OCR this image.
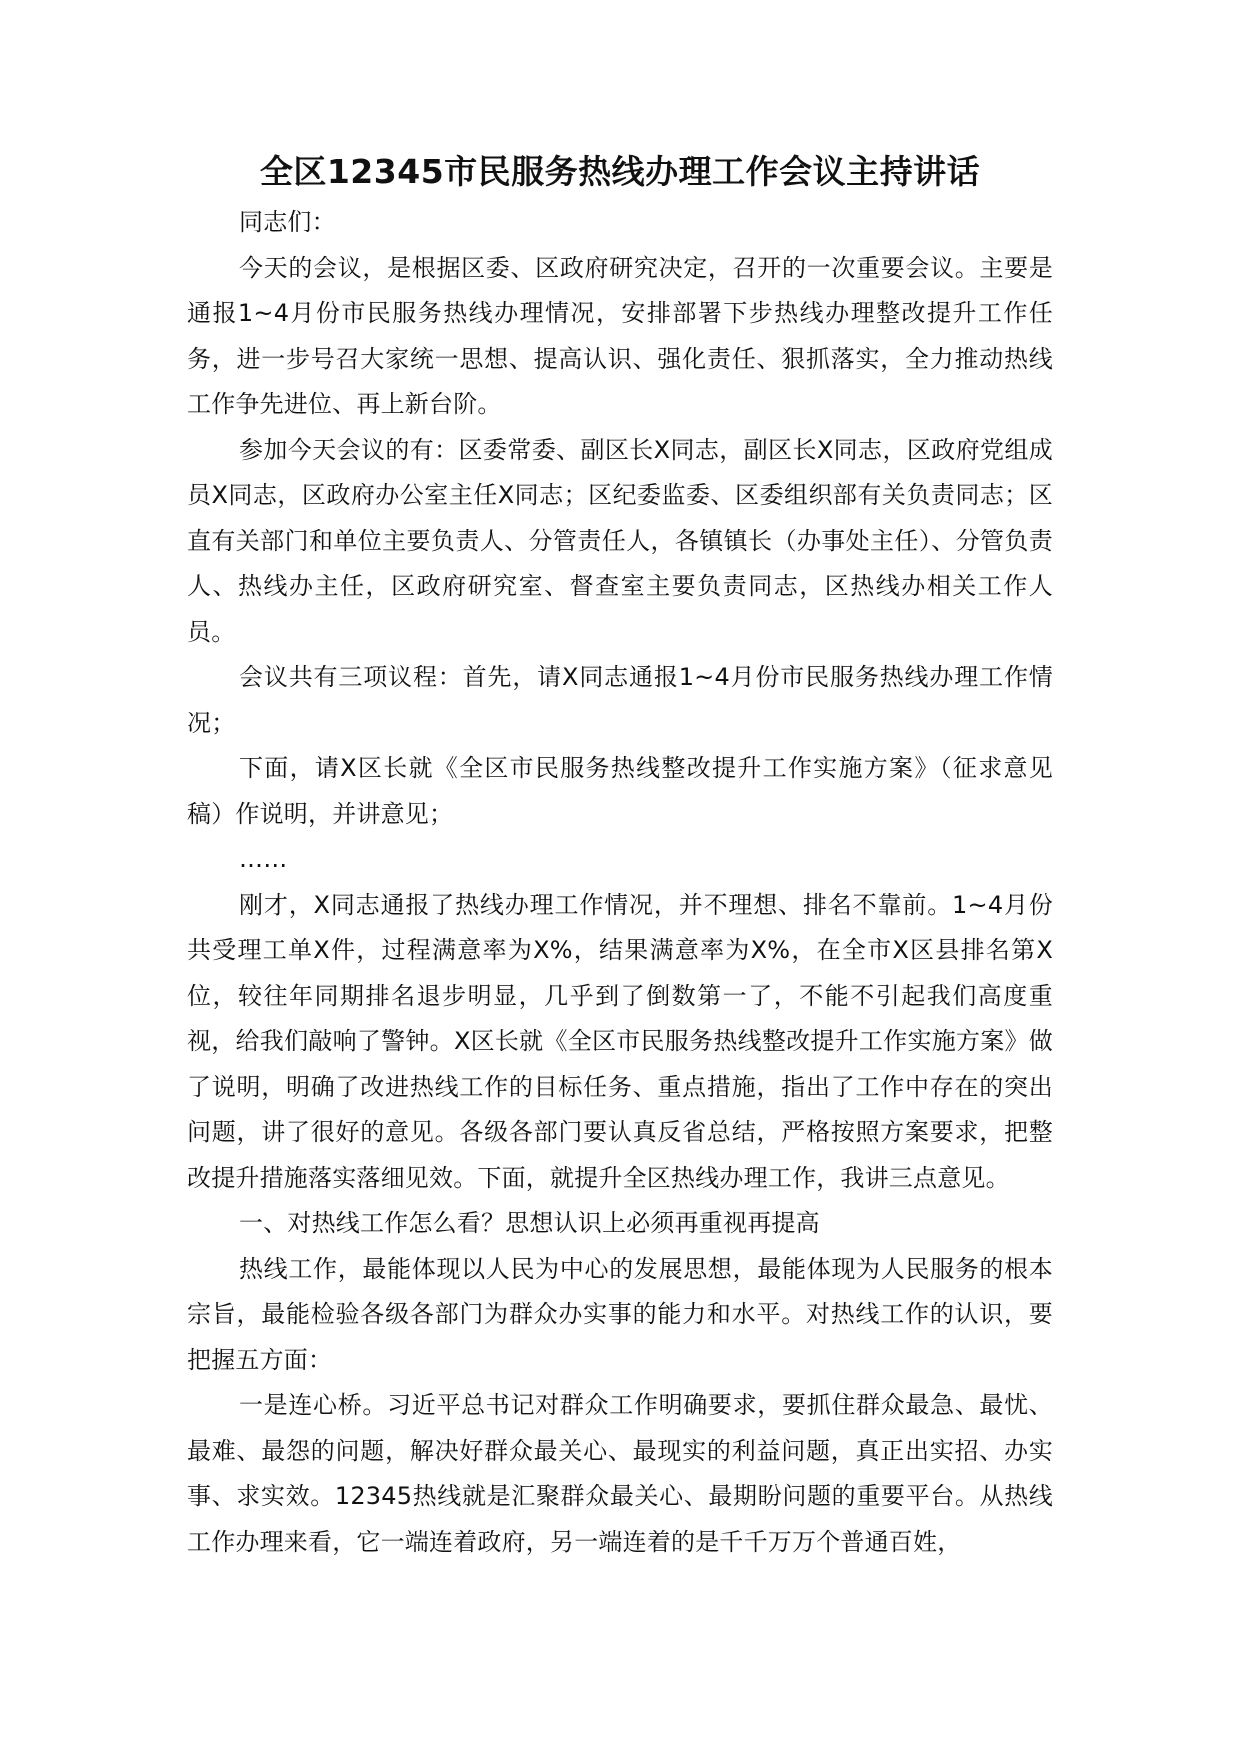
全区12345市民服务热线办理工作会议主持讲话

同志们：

今天的会议，是根据区委、区政府研究决定，召开的一次重要会议。主要是通报1~4月份市民服务热线办理情况，安排部署下步热线办理整改提升工作任务，进一步号召大家统一思想、提高认识、强化责任、狠抓落实，全力推动热线工作争先进位、再上新台阶。

参加今天会议的有：区委常委、副区长X同志，副区长X同志，区政府党组成员X同志，区政府办公室主任X同志；区纪委监委、区委组织部有关负责同志；区直有关部门和单位主要负责人、分管责任人，各镇镇长（办事处主任）、分管负责人、热线办主任，区政府研究室、督查室主要负责同志，区热线办相关工作人员。

会议共有三项议程：首先，请X同志通报1~4月份市民服务热线办理工作情况；

下面，请X区长就《全区市民服务热线整改提升工作实施方案》（征求意见稿）作说明，并讲意见；

……

刚才，X同志通报了热线办理工作情况，并不理想、排名不靠前。1~4月份共受理工单X件，过程满意率为X%，结果满意率为X%，在全市X区县排名第X位，较往年同期排名退步明显，几乎到了倒数第一了，不能不引起我们高度重视，给我们敲响了警钟。X区长就《全区市民服务热线整改提升工作实施方案》做了说明，明确了改进热线工作的目标任务、重点措施，指出了工作中存在的突出问题，讲了很好的意见。各级各部门要认真反省总结，严格按照方案要求，把整改提升措施落实落细见效。下面，就提升全区热线办理工作，我讲三点意见。

一、对热线工作怎么看？思想认识上必须再重视再提高

热线工作，最能体现以人民为中心的发展思想，最能体现为人民服务的根本宗旨，最能检验各级各部门为群众办实事的能力和水平。对热线工作的认识，要把握五方面：

一是连心桥。习近平总书记对群众工作明确要求，要抓住群众最急、最忧、最难、最怨的问题，解决好群众最关心、最现实的利益问题，真正出实招、办实事、求实效。12345热线就是汇聚群众最关心、最期盼问题的重要平台。从热线工作办理来看，它一端连着政府，另一端连着的是千千万万个普通百姓，
